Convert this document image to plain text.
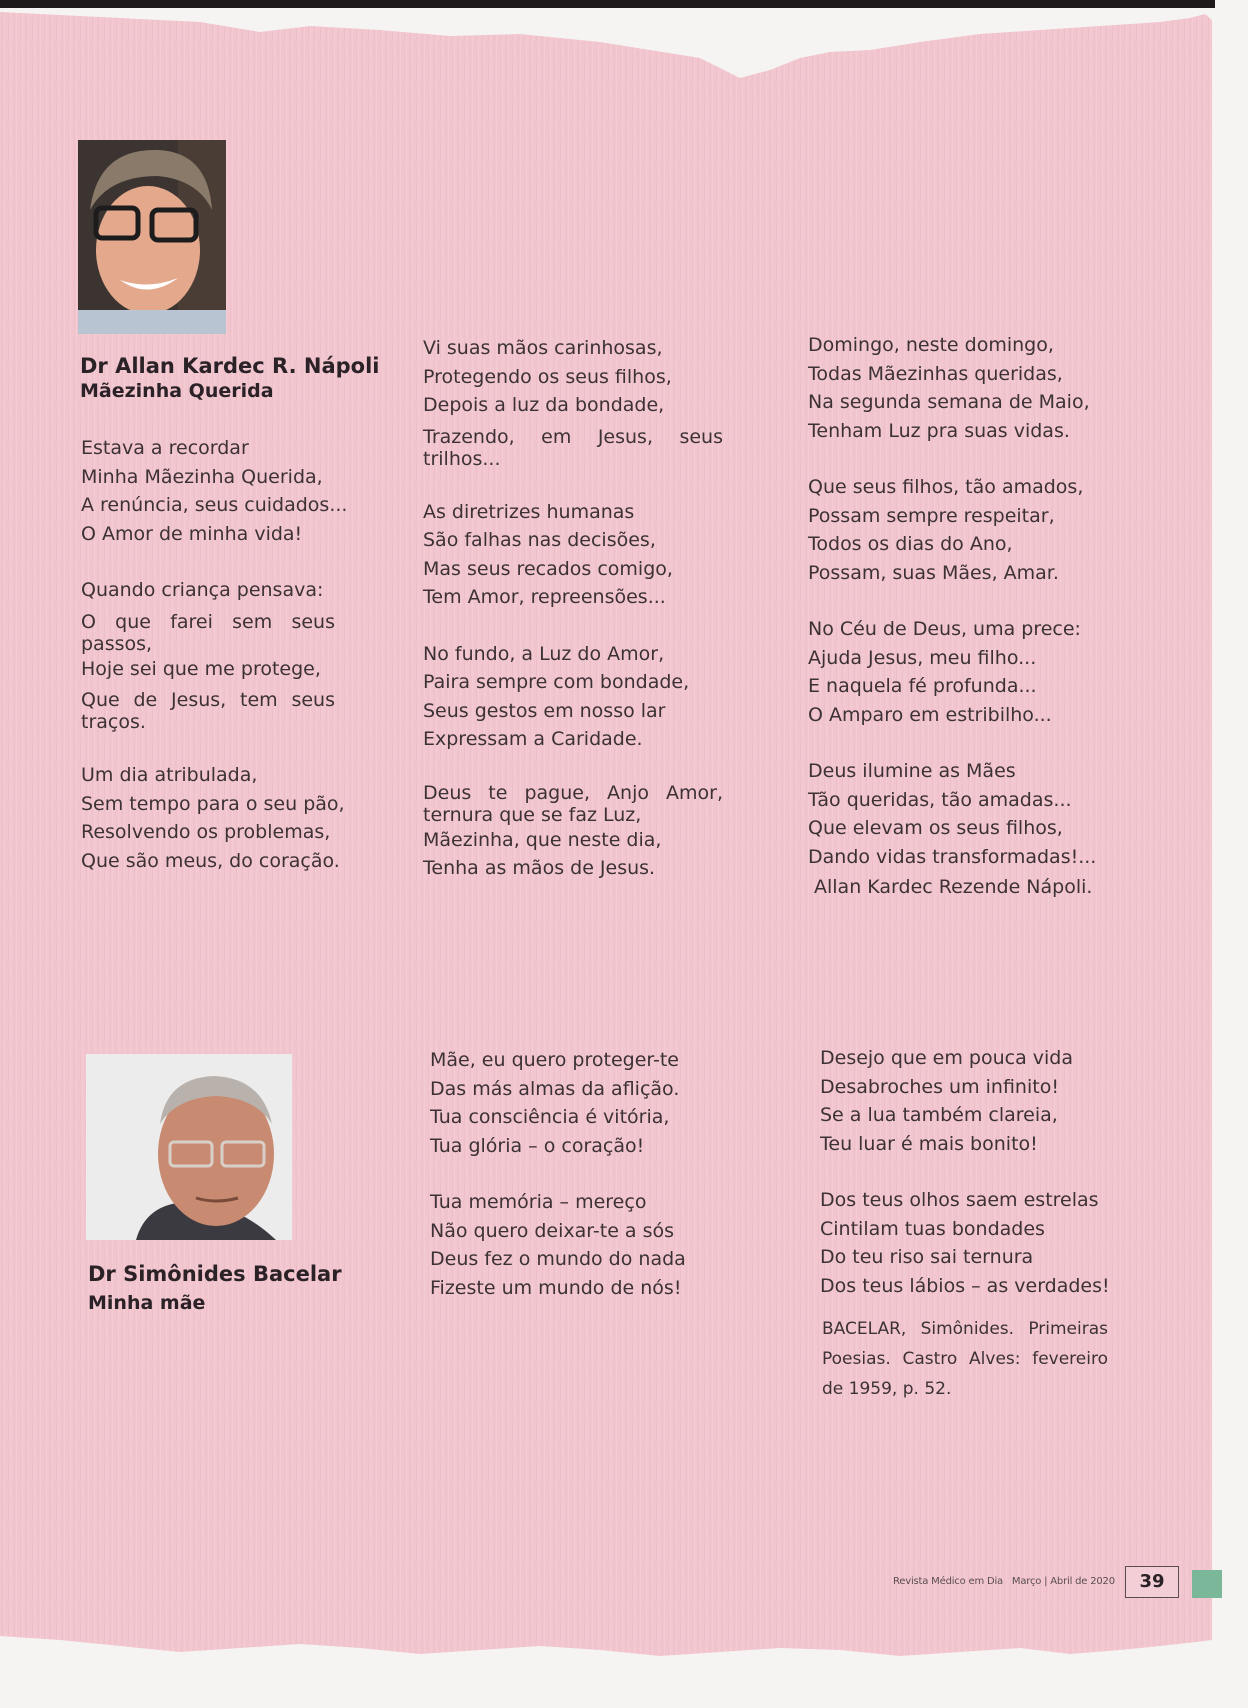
Dr Allan Kardec R. Nápoli
Mãezinha Querida
Estava a recordar
Minha Mãezinha Querida,
A renúncia, seus cuidados...
O Amor de minha vida!
Quando criança pensava:
O que farei sem seus
passos,
Hoje sei que me protege,
Que de Jesus, tem seus
traços.
Um dia atribulada,
Sem tempo para o seu pão,
Resolvendo os problemas,
Que são meus, do coração.
Vi suas mãos carinhosas,
Protegendo os seus filhos,
Depois a luz da bondade,
Trazendo, em Jesus, seus
trilhos...
As diretrizes humanas
São falhas nas decisões,
Mas seus recados comigo,
Tem Amor, repreensões...
No fundo, a Luz do Amor,
Paira sempre com bondade,
Seus gestos em nosso lar
Expressam a Caridade.
Deus te pague, Anjo Amor,
ternura que se faz Luz,
Mãezinha, que neste dia,
Tenha as mãos de Jesus.
Domingo, neste domingo,
Todas Mãezinhas queridas,
Na segunda semana de Maio,
Tenham Luz pra suas vidas.
Que seus filhos, tão amados,
Possam sempre respeitar,
Todos os dias do Ano,
Possam, suas Mães, Amar.
No Céu de Deus, uma prece:
Ajuda Jesus, meu filho...
E naquela fé profunda...
O Amparo em estribilho...
Deus ilumine as Mães
Tão queridas, tão amadas...
Que elevam os seus filhos,
Dando vidas transformadas!...
Allan Kardec Rezende Nápoli.
Dr Simônides Bacelar
Minha mãe
Mãe, eu quero proteger-te
Das más almas da aflição.
Tua consciência é vitória,
Tua glória – o coração!
Tua memória – mereço
Não quero deixar-te a sós
Deus fez o mundo do nada
Fizeste um mundo de nós!
Desejo que em pouca vida
Desabroches um infinito!
Se a lua também clareia,
Teu luar é mais bonito!
Dos teus olhos saem estrelas
Cintilam tuas bondades
Do teu riso sai ternura
Dos teus lábios – as verdades!
BACELAR, Simônides. Primeiras Poesias. Castro Alves: fevereiro de 1959, p. 52.
Revista Médico em Dia Março | Abril de 2020	39
